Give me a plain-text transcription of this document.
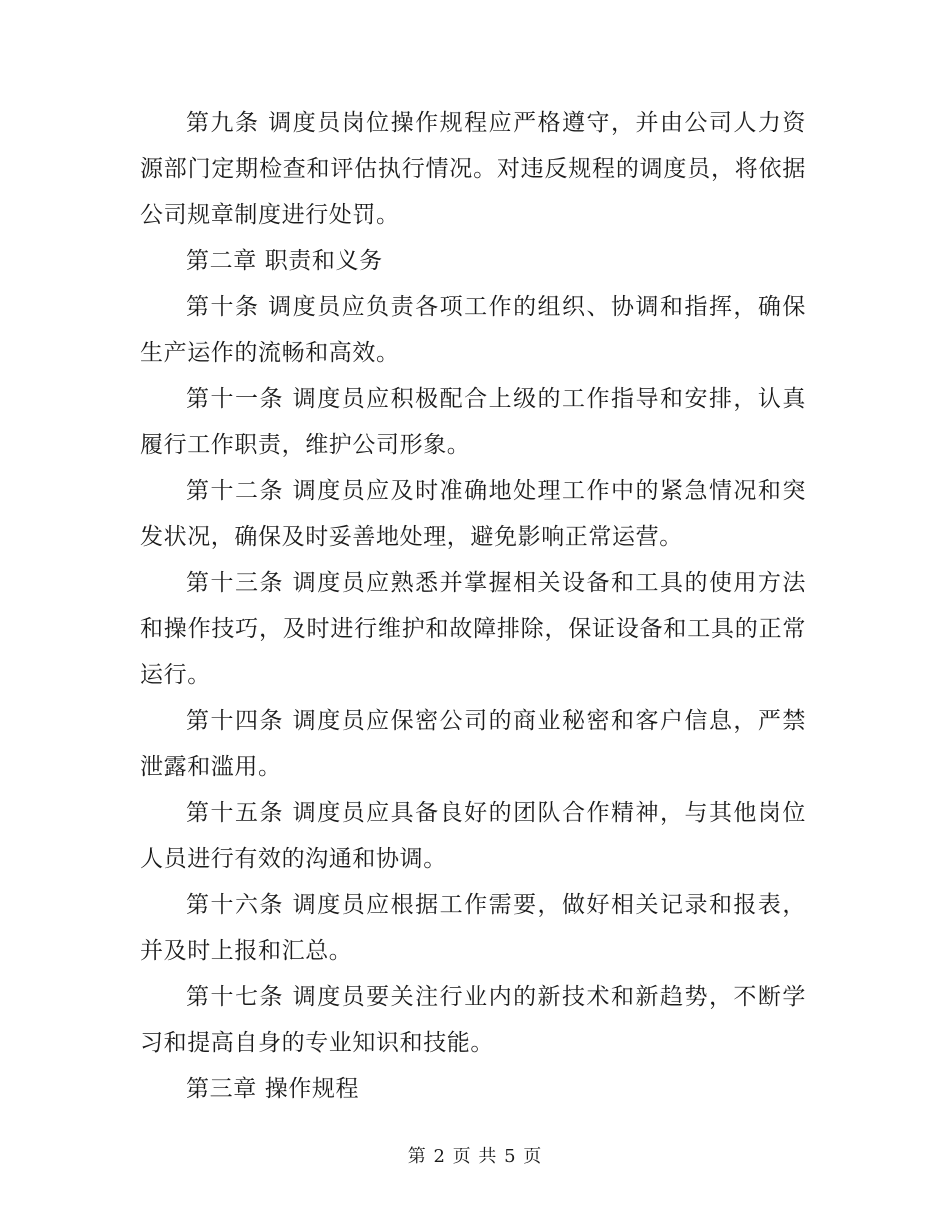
第九条 调度员岗位操作规程应严格遵守，并由公司人力资源部门定期检查和评估执行情况。对违反规程的调度员，将依据公司规章制度进行处罚。

第二章 职责和义务

第十条 调度员应负责各项工作的组织、协调和指挥，确保生产运作的流畅和高效。

第十一条 调度员应积极配合上级的工作指导和安排，认真履行工作职责，维护公司形象。

第十二条 调度员应及时准确地处理工作中的紧急情况和突发状况，确保及时妥善地处理，避免影响正常运营。

第十三条 调度员应熟悉并掌握相关设备和工具的使用方法和操作技巧，及时进行维护和故障排除，保证设备和工具的正常运行。

第十四条 调度员应保密公司的商业秘密和客户信息，严禁泄露和滥用。

第十五条 调度员应具备良好的团队合作精神，与其他岗位人员进行有效的沟通和协调。

第十六条 调度员应根据工作需要，做好相关记录和报表，并及时上报和汇总。

第十七条 调度员要关注行业内的新技术和新趋势，不断学习和提高自身的专业知识和技能。

第三章 操作规程

第 2 页 共 5 页
